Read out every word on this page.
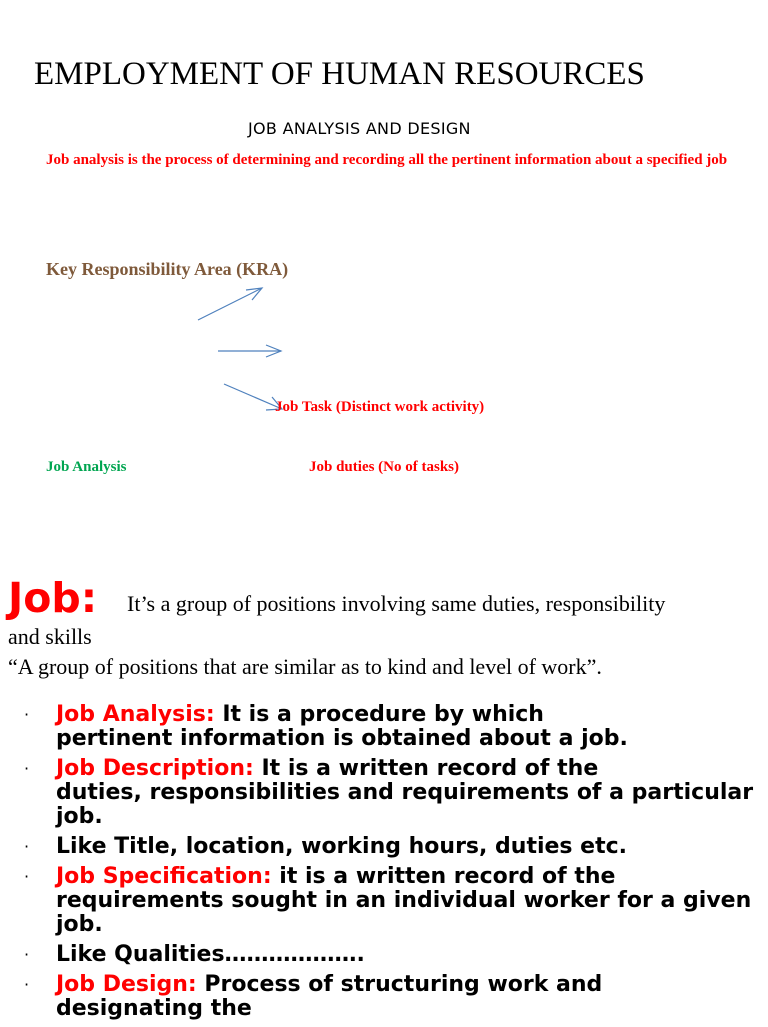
EMPLOYMENT OF HUMAN RESOURCES
JOB ANALYSIS AND DESIGN
Job analysis is the process of determining and recording all the pertinent information about a specified job
Key Responsibility Area (KRA)
Job Task (Distinct work activity)
Job Analysis	Job duties (No of tasks)
Job: It’s a group of positions involving same duties, responsibility
and skills
“A group of positions that are similar as to kind and level of work”.
· Job Analysis: It is a procedure by which
pertinent information is obtained about a job.
· Job Description: It is a written record of the
duties, responsibilities and requirements of a particular job.
· Like Title, location, working hours, duties etc.
· Job Specification: it is a written record of the
requirements sought in an individual worker for a given job.
· Like Qualities……………….
· Job Design: Process of structuring work and
designating the
